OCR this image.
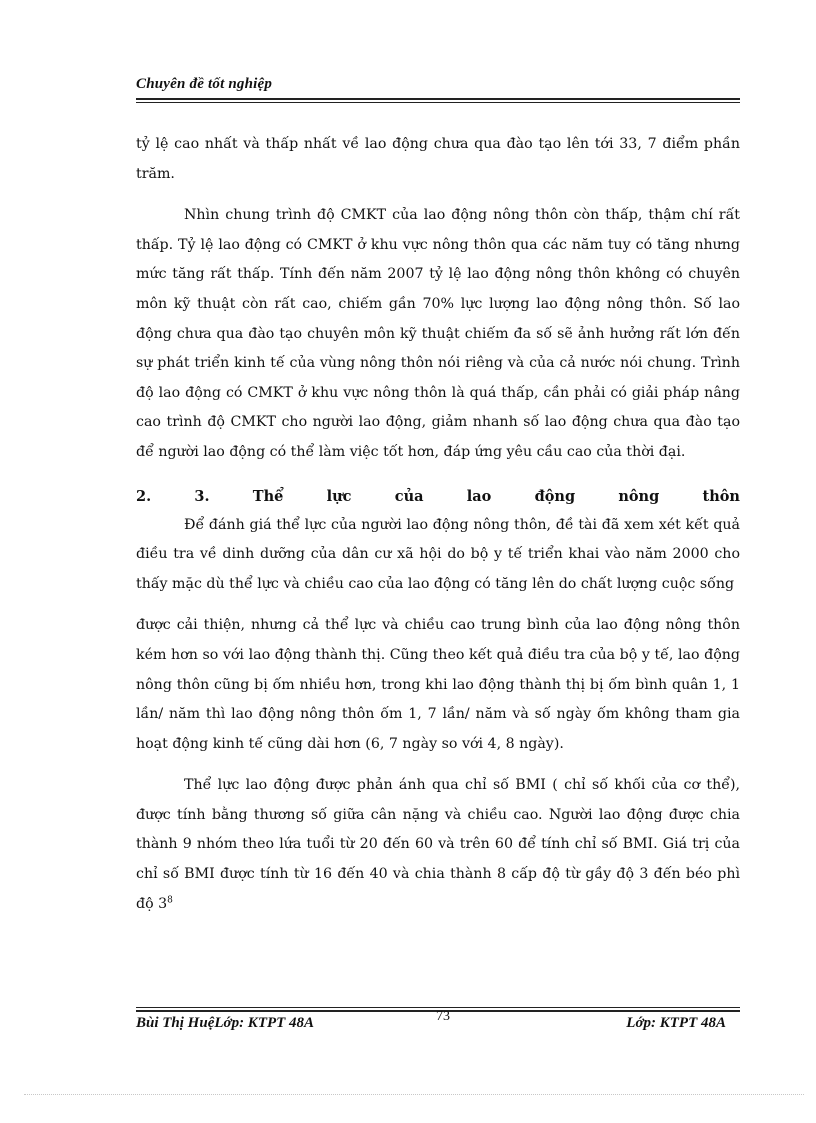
Chuyên đề tốt nghiệp

tỷ lệ cao nhất và thấp nhất về lao động chưa qua đào tạo lên tới 33, 7 điểm phần trăm.

Nhìn chung trình độ CMKT của lao động nông thôn còn thấp, thậm chí rất thấp. Tỷ lệ lao động có CMKT ở khu vực nông thôn qua các năm tuy có tăng nhưng mức tăng rất thấp. Tính đến năm 2007 tỷ lệ lao động nông thôn không có chuyên môn kỹ thuật còn rất cao, chiếm gần 70% lực lượng lao động nông thôn. Số lao động chưa qua đào tạo chuyên môn kỹ thuật chiếm đa số sẽ ảnh hưởng rất lớn đến sự phát triển kinh tế của vùng nông thôn nói riêng và của cả nước nói chung. Trình độ lao động có CMKT ở khu vực nông thôn là quá thấp, cần phải có giải pháp nâng cao trình độ CMKT cho người lao động, giảm nhanh số lao động chưa qua đào tạo để người lao động có thể làm việc tốt hơn, đáp ứng yêu cầu cao của thời đại.

2.	3.	Thể	lực	của	lao	động	nông	thôn

Để đánh giá thể lực của người lao động nông thôn, đề tài đã xem xét kết quả điều tra về dinh dưỡng của dân cư xã hội do bộ y tế triển khai vào năm 2000 cho thấy mặc dù thể lực và chiều cao của lao động có tăng lên do chất lượng cuộc sống

được cải thiện, nhưng cả thể lực và chiều cao trung bình của lao động nông thôn kém hơn so với lao động thành thị. Cũng theo kết quả điều tra của bộ y tế, lao động nông thôn cũng bị ốm nhiều hơn, trong khi lao động thành thị bị ốm bình quân 1, 1 lần/ năm thì lao động nông thôn ốm 1, 7 lần/ năm và số ngày ốm không tham gia hoạt động kinh tế cũng dài hơn (6, 7 ngày so với 4, 8 ngày).

Thể lực lao động được phản ánh qua chỉ số BMI ( chỉ số khối của cơ thể), được tính bằng thương số giữa cân nặng và chiều cao. Người lao động được chia thành 9 nhóm theo lứa tuổi từ 20 đến 60 và trên 60 để tính chỉ số BMI. Giá trị của chỉ số BMI được tính từ 16 đến 40 và chia thành 8 cấp độ từ gầy độ 3 đến béo phì độ $3^8$

Bùi Thị HuệLớp: KTPT 48A	73	Lớp: KTPT 48A
